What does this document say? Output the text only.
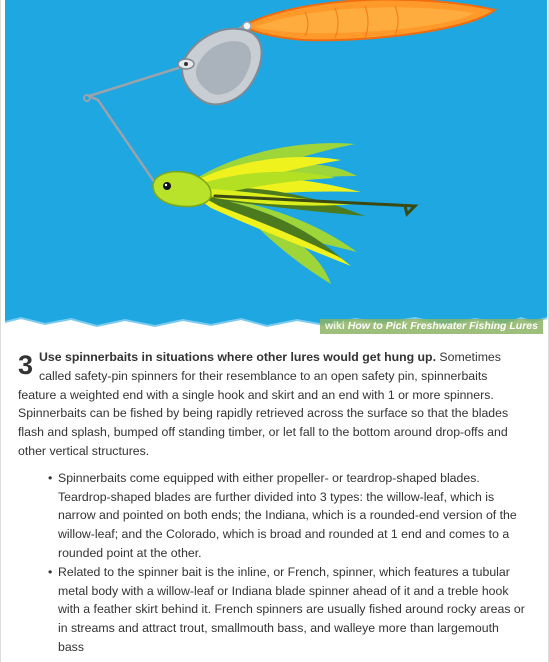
wiki How to Pick Freshwater Fishing Lures
3 Use spinnerbaits in situations where other lures would get hung up. Sometimes called safety-pin spinners for their resemblance to an open safety pin, spinnerbaits feature a weighted end with a single hook and skirt and an end with 1 or more spinners. Spinnerbaits can be fished by being rapidly retrieved across the surface so that the blades flash and splash, bumped off standing timber, or let fall to the bottom around drop-offs and other vertical structures.

• Spinnerbaits come equipped with either propeller- or teardrop-shaped blades. Teardrop-shaped blades are further divided into 3 types: the willow-leaf, which is narrow and pointed on both ends; the Indiana, which is a rounded-end version of the willow-leaf; and the Colorado, which is broad and rounded at 1 end and comes to a rounded point at the other.
• Related to the spinner bait is the inline, or French, spinner, which features a tubular metal body with a willow-leaf or Indiana blade spinner ahead of it and a treble hook with a feather skirt behind it. French spinners are usually fished around rocky areas or in streams and attract trout, smallmouth bass, and walleye more than largemouth bass
